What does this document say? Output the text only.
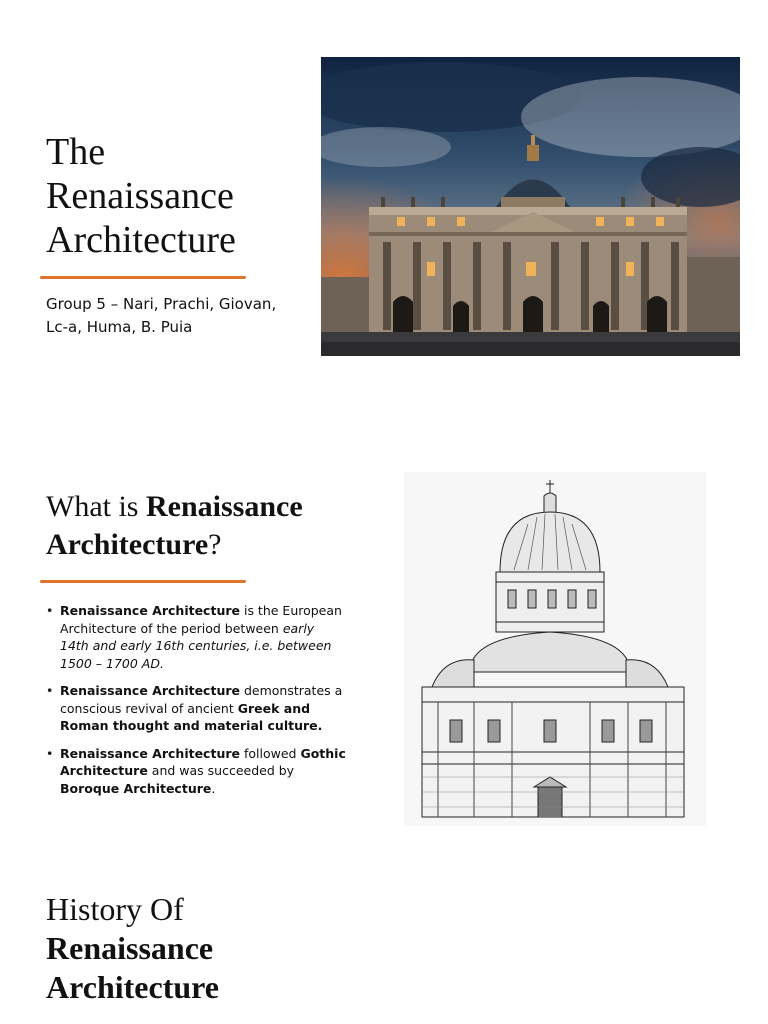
The
Renaissance
Architecture
Group 5 – Nari, Prachi, Giovan, Lc-a, Huma, B. Puia
What is Renaissance Architecture?
• Renaissance Architecture is the European Architecture of the period between early 14th and early 16th centuries, i.e. between 1500 – 1700 AD.
• Renaissance Architecture demonstrates a conscious revival of ancient Greek and Roman thought and material culture.
• Renaissance Architecture followed Gothic Architecture and was succeeded by Boroque Architecture.
History Of
Renaissance
Architecture
